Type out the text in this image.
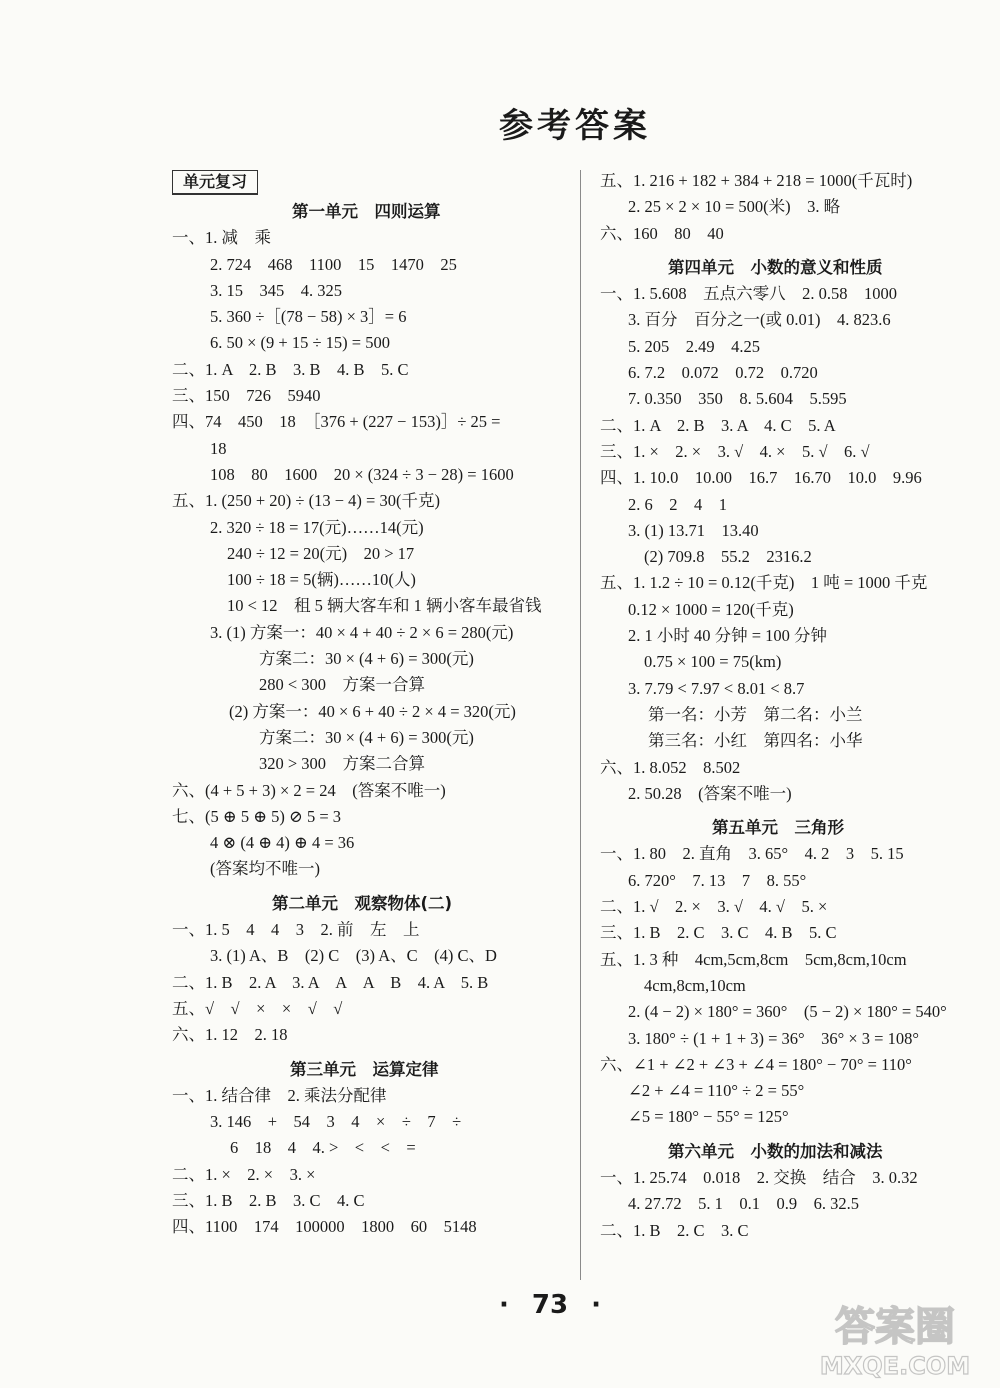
参考答案
单元复习
第一单元　四则运算
一、1. 减　乘
2. 724　468　1100　15　1470　25
3. 15　345　4. 325
5. 360 ÷［(78 − 58) × 3］= 6
6. 50 × (9 + 15 ÷ 15) = 500
二、1. A　2. B　3. B　4. B　5. C
三、150　726　5940
四、74　450　18　［376 + (227 − 153)］÷ 25 =
18
108　80　1600　20 × (324 ÷ 3 − 28) = 1600
五、1. (250 + 20) ÷ (13 − 4) = 30(千克)
2. 320 ÷ 18 = 17(元)……14(元)
240 ÷ 12 = 20(元)　20 > 17
100 ÷ 18 = 5(辆)……10(人)
10 < 12　租 5 辆大客车和 1 辆小客车最省钱
3. (1) 方案一：40 × 4 + 40 ÷ 2 × 6 = 280(元)
方案二：30 × (4 + 6) = 300(元)
280 < 300　方案一合算
(2) 方案一：40 × 6 + 40 ÷ 2 × 4 = 320(元)
方案二：30 × (4 + 6) = 300(元)
320 > 300　方案二合算
六、(4 + 5 + 3) × 2 = 24　(答案不唯一)
七、(5 ⊕ 5 ⊕ 5) ⊘ 5 = 3
4 ⊗ (4 ⊕ 4) ⊕ 4 = 36
(答案均不唯一)
第二单元　观察物体(二)
一、1. 5　4　4　3　2. 前　左　上
3. (1) A、B　(2) C　(3) A、C　(4) C、D
二、1. B　2. A　3. A　A　A　B　4. A　5. B
五、√　√　×　×　√　√
六、1. 12　2. 18
第三单元　运算定律
一、1. 结合律　2. 乘法分配律
3. 146　+　54　3　4　×　÷　7　÷
6　18　4　4. >　<　<　=
二、1. ×　2. ×　3. ×
三、1. B　2. B　3. C　4. C
四、1100　174　100000　1800　60　5148
五、1. 216 + 182 + 384 + 218 = 1000(千瓦时)
2. 25 × 2 × 10 = 500(米)　3. 略
六、160　80　40
第四单元　小数的意义和性质
一、1. 5.608　五点六零八　2. 0.58　1000
3. 百分　百分之一(或 0.01)　4. 823.6
5. 205　2.49　4.25
6. 7.2　0.072　0.72　0.720
7. 0.350　350　8. 5.604　5.595
二、1. A　2. B　3. A　4. C　5. A
三、1. ×　2. ×　3. √　4. ×　5. √　6. √
四、1. 10.0　10.00　16.7　16.70　10.0　9.96
2. 6　2　4　1
3. (1) 13.71　13.40
(2) 709.8　55.2　2316.2
五、1. 1.2 ÷ 10 = 0.12(千克)　1 吨 = 1000 千克
0.12 × 1000 = 120(千克)
2. 1 小时 40 分钟 = 100 分钟
0.75 × 100 = 75(km)
3. 7.79 < 7.97 < 8.01 < 8.7
第一名：小芳　第二名：小兰
第三名：小红　第四名：小华
六、1. 8.052　8.502
2. 50.28　(答案不唯一)
第五单元　三角形
一、1. 80　2. 直角　3. 65°　4. 2　3　5. 15
6. 720°　7. 13　7　8. 55°
二、1. √　2. ×　3. √　4. √　5. ×
三、1. B　2. C　3. C　4. B　5. C
五、1. 3 种　4cm,5cm,8cm　5cm,8cm,10cm
4cm,8cm,10cm
2. (4 − 2) × 180° = 360°　(5 − 2) × 180° = 540°
3. 180° ÷ (1 + 1 + 3) = 36°　36° × 3 = 108°
六、∠1 + ∠2 + ∠3 + ∠4 = 180° − 70° = 110°
∠2 + ∠4 = 110° ÷ 2 = 55°
∠5 = 180° − 55° = 125°
第六单元　小数的加法和减法
一、1. 25.74　0.018　2. 交换　结合　3. 0.32
4. 27.72　5. 1　0.1　0.9　6. 32.5
二、1. B　2. C　3. C
· 73 ·	答案圈
MXQE.COM
